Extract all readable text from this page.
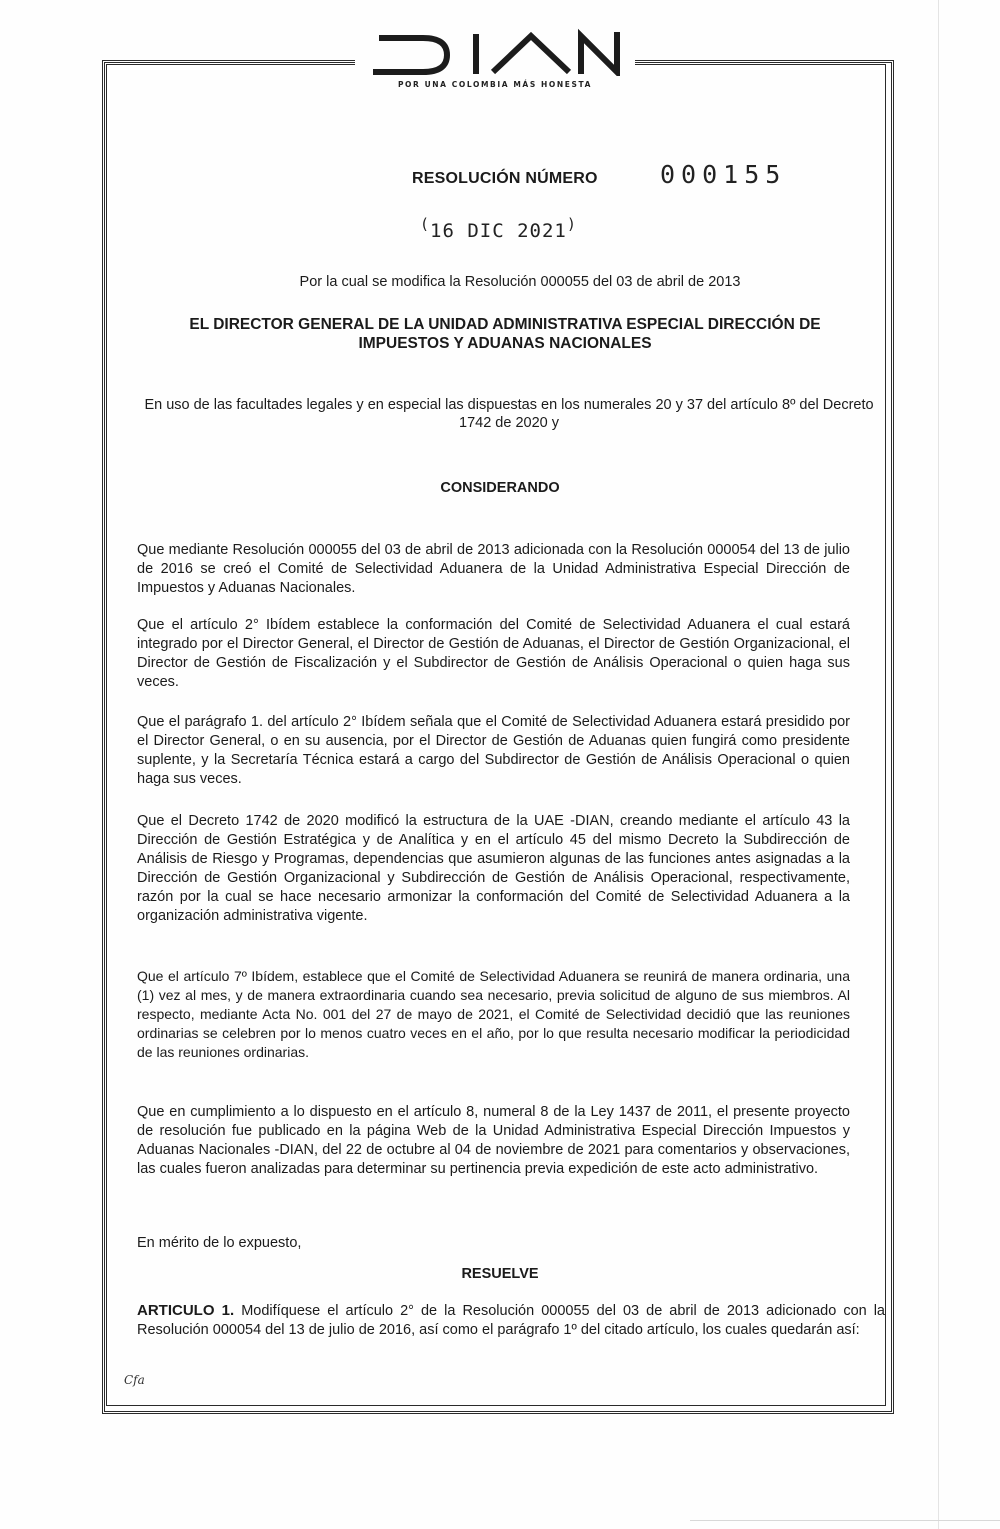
POR UNA COLOMBIA MÁS HONESTA
RESOLUCIÓN NÚMERO 000155
(16 DIC 2021)
Por la cual se modifica la Resolución 000055 del 03 de abril de 2013
EL DIRECTOR GENERAL DE LA UNIDAD ADMINISTRATIVA ESPECIAL DIRECCIÓN DE IMPUESTOS Y ADUANAS NACIONALES
En uso de las facultades legales y en especial las dispuestas en los numerales 20 y 37 del artículo 8º del Decreto 1742 de 2020 y
CONSIDERANDO
Que mediante Resolución 000055 del 03 de abril de 2013 adicionada con la Resolución 000054 del 13 de julio de 2016 se creó el Comité de Selectividad Aduanera de la Unidad Administrativa Especial Dirección de Impuestos y Aduanas Nacionales.
Que el artículo 2° Ibídem establece la conformación del Comité de Selectividad Aduanera el cual estará integrado por el Director General, el Director de Gestión de Aduanas, el Director de Gestión Organizacional, el Director de Gestión de Fiscalización y el Subdirector de Gestión de Análisis Operacional o quien haga sus veces.
Que el parágrafo 1. del artículo 2° Ibídem señala que el Comité de Selectividad Aduanera estará presidido por el Director General, o en su ausencia, por el Director de Gestión de Aduanas quien fungirá como presidente suplente, y la Secretaría Técnica estará a cargo del Subdirector de Gestión de Análisis Operacional o quien haga sus veces.
Que el Decreto 1742 de 2020 modificó la estructura de la UAE -DIAN, creando mediante el artículo 43 la Dirección de Gestión Estratégica y de Analítica y en el artículo 45 del mismo Decreto la Subdirección de Análisis de Riesgo y Programas, dependencias que asumieron algunas de las funciones antes asignadas a la Dirección de Gestión Organizacional y Subdirección de Gestión de Análisis Operacional, respectivamente, razón por la cual se hace necesario armonizar la conformación del Comité de Selectividad Aduanera a la organización administrativa vigente.
Que el artículo 7º Ibídem, establece que el Comité de Selectividad Aduanera se reunirá de manera ordinaria, una (1) vez al mes, y de manera extraordinaria cuando sea necesario, previa solicitud de alguno de sus miembros. Al respecto, mediante Acta No. 001 del 27 de mayo de 2021, el Comité de Selectividad decidió que las reuniones ordinarias se celebren por lo menos cuatro veces en el año, por lo que resulta necesario modificar la periodicidad de las reuniones ordinarias.
Que en cumplimiento a lo dispuesto en el artículo 8, numeral 8 de la Ley 1437 de 2011, el presente proyecto de resolución fue publicado en la página Web de la Unidad Administrativa Especial Dirección Impuestos y Aduanas Nacionales -DIAN, del 22 de octubre al 04 de noviembre de 2021 para comentarios y observaciones, las cuales fueron analizadas para determinar su pertinencia previa expedición de este acto administrativo.
En mérito de lo expuesto,
RESUELVE
ARTICULO 1. Modifíquese el artículo 2° de la Resolución 000055 del 03 de abril de 2013 adicionado con la Resolución 000054 del 13 de julio de 2016, así como el parágrafo 1º del citado artículo, los cuales quedarán así:
Cfa
